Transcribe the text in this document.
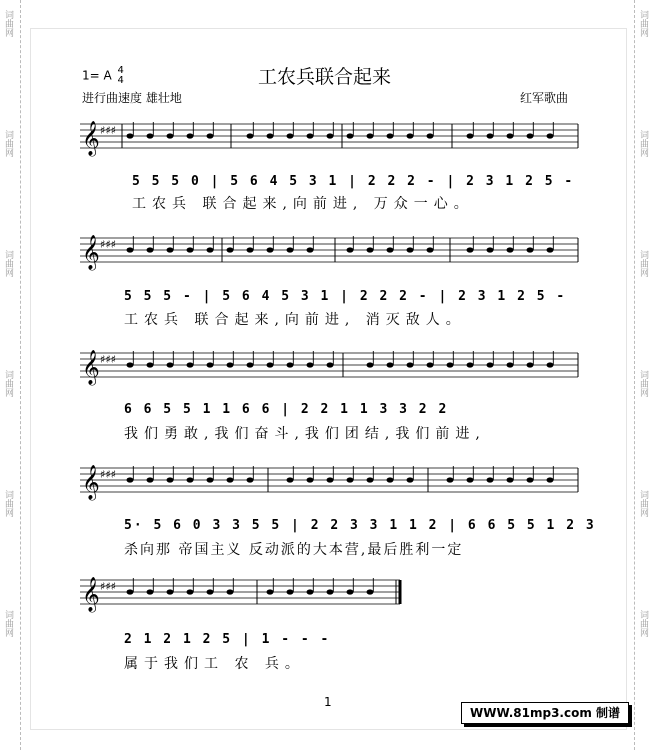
词曲网
词曲网
词曲网
词曲网
词曲网
词曲网
词曲网
词曲网
词曲网
词曲网
词曲网
词曲网
工农兵联合起来
1= A 4
4
进行曲速度 雄壮地	红军歌曲
𝄞 ♯♯♯
𝄞 ♯♯♯
𝄞 ♯♯♯
𝄞 ♯♯♯
𝄞 ♯♯♯
5 5 5 0 | 5 6 4 5 3 1 | 2 2 2 - | 2 3 1 2 5 -
工农兵 联合起来,向前进, 万众一心。
5 5 5 - | 5 6 4 5 3 1 | 2 2 2 - | 2 3 1 2 5 -
工农兵 联合起来,向前进, 消灭敌人。
6 6 5 5 1 1 6 6 | 2 2 1 1 3 3 2 2
我们勇敢,我们奋斗,我们团结,我们前进,
5· 5 6 0 3 3 5 5 | 2 2 3 3 1 1 2 | 6 6 5 5 1 2 3
杀向那 帝国主义 反动派的大本营,最后胜利一定
2 1 2 1 2 5 | 1 - - -
属于我们工 农 兵。
1
WWW.81mp3.com 制谱
